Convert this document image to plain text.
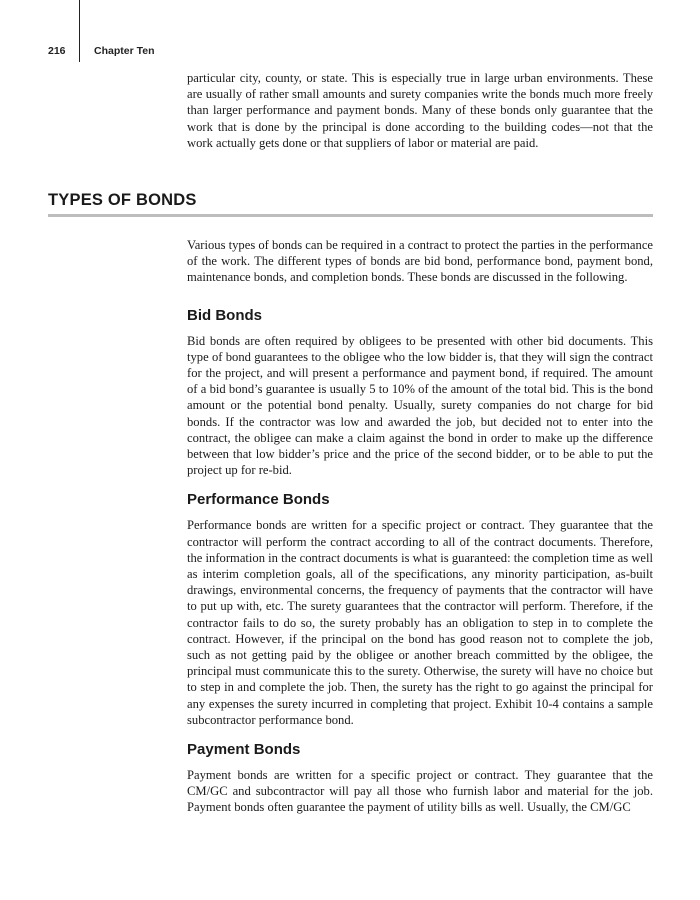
216	Chapter Ten

particular city, county, or state. This is especially true in large urban environments. These are usually of rather small amounts and surety companies write the bonds much more freely than larger performance and payment bonds. Many of these bonds only guarantee that the work that is done by the principal is done according to the building codes—not that the work actually gets done or that suppliers of labor or material are paid.

TYPES OF BONDS

Various types of bonds can be required in a contract to protect the parties in the performance of the work. The different types of bonds are bid bond, performance bond, payment bond, maintenance bonds, and completion bonds. These bonds are discussed in the following.

Bid Bonds

Bid bonds are often required by obligees to be presented with other bid documents. This type of bond guarantees to the obligee who the low bidder is, that they will sign the contract for the project, and will present a performance and payment bond, if required. The amount of a bid bond’s guarantee is usually 5 to 10% of the amount of the total bid. This is the bond amount or the potential bond penalty. Usually, surety companies do not charge for bid bonds. If the contractor was low and awarded the job, but decided not to enter into the contract, the obligee can make a claim against the bond in order to make up the difference between that low bidder’s price and the price of the second bidder, or to be able to put the project up for re-bid.

Performance Bonds

Performance bonds are written for a specific project or contract. They guarantee that the contractor will perform the contract according to all of the contract documents. Therefore, the information in the contract documents is what is guaranteed: the completion time as well as interim completion goals, all of the specifications, any minority participation, as-built drawings, environmental concerns, the frequency of payments that the contractor will have to put up with, etc. The surety guarantees that the contractor will perform. Therefore, if the contractor fails to do so, the surety probably has an obligation to step in to complete the contract. However, if the principal on the bond has good reason not to complete the job, such as not getting paid by the obligee or another breach committed by the obligee, the principal must communicate this to the surety. Otherwise, the surety will have no choice but to step in and complete the job. Then, the surety has the right to go against the principal for any expenses the surety incurred in completing that project. Exhibit 10-4 contains a sample subcontractor performance bond.

Payment Bonds

Payment bonds are written for a specific project or contract. They guarantee that the CM/GC and subcontractor will pay all those who furnish labor and material for the job. Payment bonds often guarantee the payment of utility bills as well. Usually, the CM/GC
